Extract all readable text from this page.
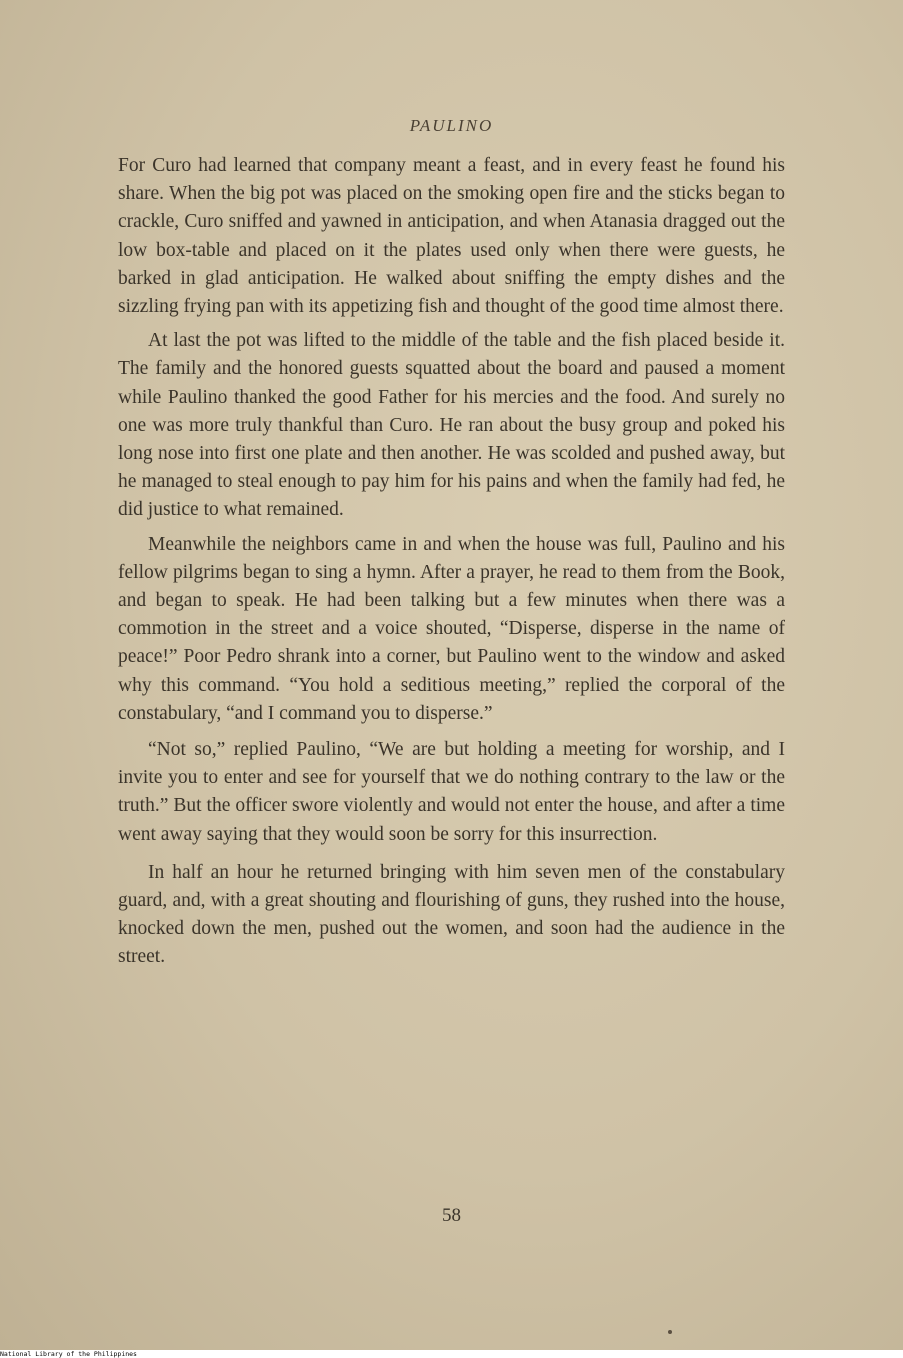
PAULINO

For Curo had learned that company meant a feast, and in every feast he found his share. When the big pot was placed on the smoking open fire and the sticks began to crackle, Curo sniffed and yawned in anticipation, and when Atanasia dragged out the low box-table and placed on it the plates used only when there were guests, he barked in glad anticipation. He walked about sniffing the empty dishes and the sizzling frying pan with its appetizing fish and thought of the good time almost there.

At last the pot was lifted to the middle of the table and the fish placed beside it. The family and the honored guests squatted about the board and paused a moment while Paulino thanked the good Father for his mercies and the food. And surely no one was more truly thankful than Curo. He ran about the busy group and poked his long nose into first one plate and then another. He was scolded and pushed away, but he managed to steal enough to pay him for his pains and when the family had fed, he did justice to what remained.

Meanwhile the neighbors came in and when the house was full, Paulino and his fellow pilgrims began to sing a hymn. After a prayer, he read to them from the Book, and began to speak. He had been talking but a few minutes when there was a commotion in the street and a voice shouted, “Disperse, disperse in the name of peace!” Poor Pedro shrank into a corner, but Paulino went to the window and asked why this command. “You hold a seditious meeting,” replied the corporal of the constabulary, “and I command you to disperse.”

“Not so,” replied Paulino, “We are but holding a meeting for worship, and I invite you to enter and see for yourself that we do nothing contrary to the law or the truth.” But the officer swore violently and would not enter the house, and after a time went away saying that they would soon be sorry for this insurrection.

In half an hour he returned bringing with him seven men of the constabulary guard, and, with a great shouting and flourishing of guns, they rushed into the house, knocked down the men, pushed out the women, and soon had the audience in the street.

58
National Library of the Philippines
